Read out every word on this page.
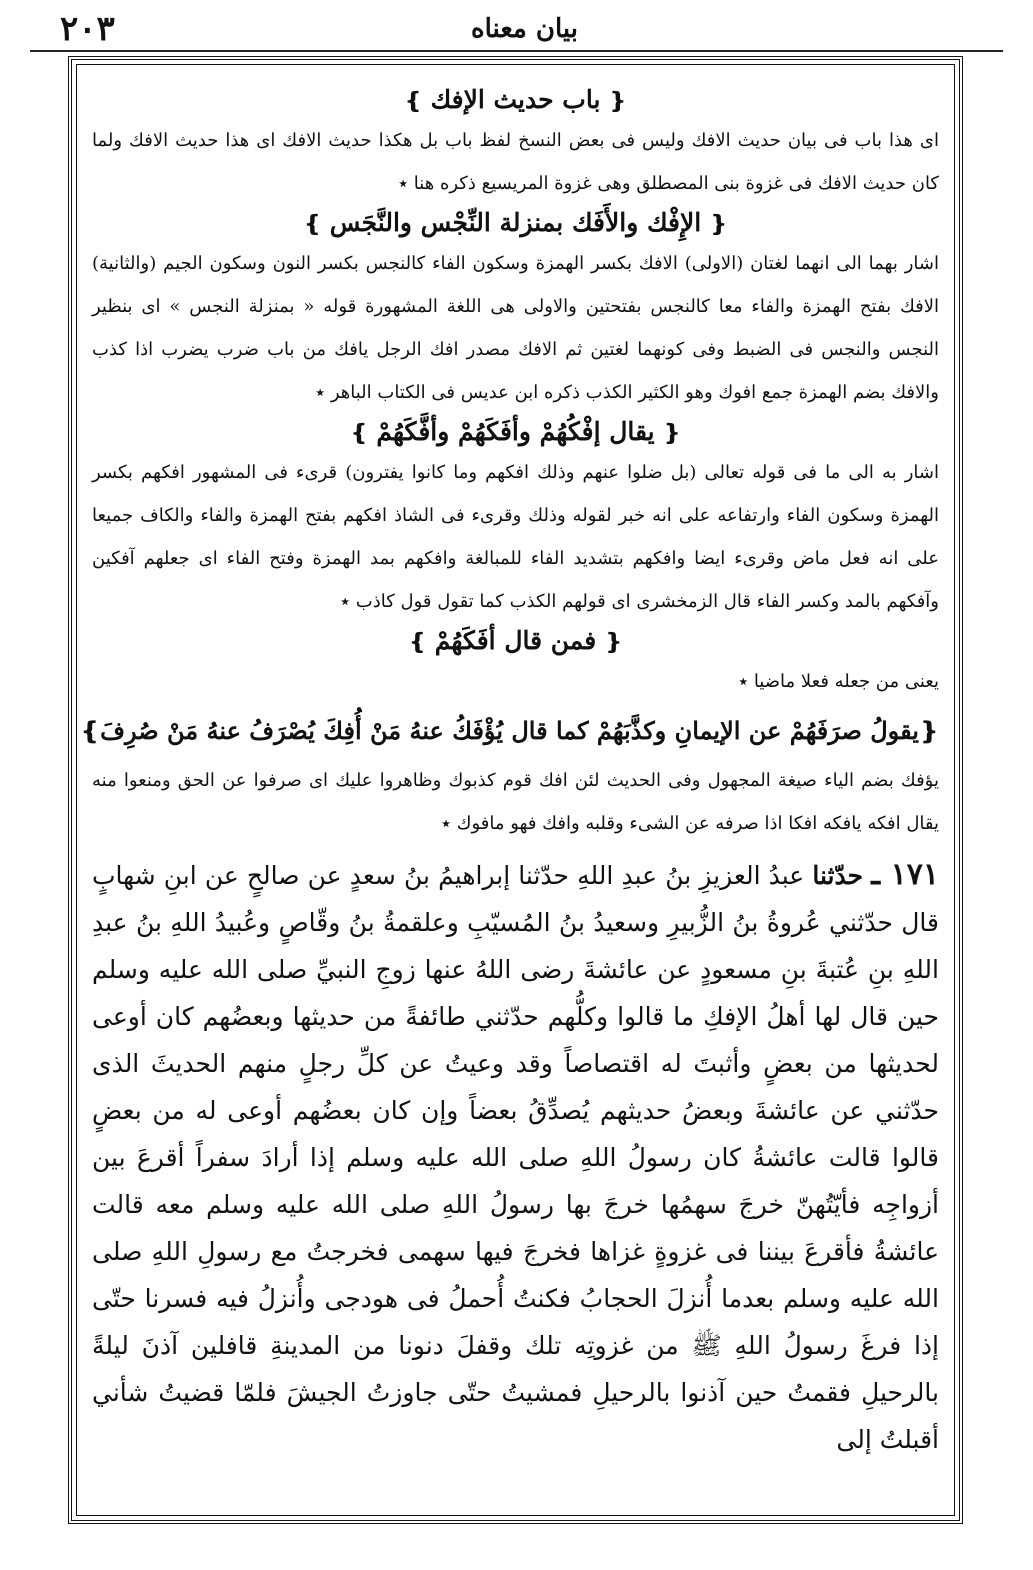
بيان معناه
٢٠٣
❴باب حديث الإفك❵

اى هذا باب فى بيان حديث الافك وليس فى بعض النسخ لفظ باب بل هكذا حديث الافك اى هذا حديث الافك ولما كان حديث الافك فى غزوة بنى المصطلق وهى غزوة المريسيع ذكره هنا ٭

❴الإِفْك والأَفَك بمنزلة النِّجْس والنَّجَس❵

اشار بهما الى انهما لغتان (الاولى) الافك بكسر الهمزة وسكون الفاء كالنجس بكسر النون وسكون الجيم (والثانية) الافك بفتح الهمزة والفاء معا كالنجس بفتحتين والاولى هى اللغة المشهورة قوله « بمنزلة النجس » اى بنظير النجس والنجس فى الضبط وفى كونهما لغتين ثم الافك مصدر افك الرجل يافك من باب ضرب يضرب اذا كذب والافك بضم الهمزة جمع افوك وهو الكثير الكذب ذكره ابن عديس فى الكتاب الباهر ٭

❴يقال إفْكُهُمْ وأفَكَهُمْ وأفَّكَهُمْ❵

اشار به الى ما فى قوله تعالى (بل ضلوا عنهم وذلك افكهم وما كانوا يفترون) قرىء فى المشهور افكهم بكسر الهمزة وسكون الفاء وارتفاعه على انه خبر لقوله وذلك وقرىء فى الشاذ افكهم بفتح الهمزة والفاء والكاف جميعا على انه فعل ماض وقرىء ايضا وافكهم بتشديد الفاء للمبالغة وافكهم بمد الهمزة وفتح الفاء اى جعلهم آفكين وآفكهم بالمد وكسر الفاء قال الزمخشرى اى قولهم الكذب كما تقول قول كاذب ٭

❴فمن قال أفَكَهُمْ❵

يعنى من جعله فعلا ماضيا ٭

❴يقولُ صرَفَهُمْ عن الإيمانِ وكذَّبَهُمْ كما قال يُؤْفَكُ عنهُ مَنْ أُفِكَ يُصْرَفُ عنهُ مَنْ صُرِفَ❵

يؤفك بضم الياء صيغة المجهول وفى الحديث لئن افك قوم كذبوك وظاهروا عليك اى صرفوا عن الحق ومنعوا منه يقال افكه يافكه افكا اذا صرفه عن الشىء وقلبه وافك فهو مافوك ٭

١٧١ ـ حدّثنا عبدُ العزيزِ بنُ عبدِ اللهِ حدّثنا إبراهيمُ بنُ سعدٍ عن صالحٍ عن ابنِ شهابٍ قال حدّثني عُروةُ بنُ الزُّبيرِ وسعيدُ بنُ المُسيّبِ وعلقمةُ بنُ وقّاصٍ وعُبيدُ اللهِ بنُ عبدِ اللهِ بنِ عُتبةَ بنِ مسعودٍ عن عائشةَ رضى اللهُ عنها زوجِ النبيِّ صلى الله عليه وسلم حين قال لها أهلُ الإفكِ ما قالوا وكلُّهم حدّثني طائفةً من حديثها وبعضُهم كان أوعى لحديثها من بعضٍ وأثبتَ له اقتصاصاً وقد وعيتُ عن كلِّ رجلٍ منهم الحديثَ الذى حدّثني عن عائشةَ وبعضُ حديثهم يُصدِّقُ بعضاً وإن كان بعضُهم أوعى له من بعضٍ قالوا قالت عائشةُ كان رسولُ اللهِ صلى الله عليه وسلم إذا أرادَ سفراً أقرعَ بين أزواجِه فأيّتُهنّ خرجَ سهمُها خرجَ بها رسولُ اللهِ صلى الله عليه وسلم معه قالت عائشةُ فأقرعَ بيننا فى غزوةٍ غزاها فخرجَ فيها سهمى فخرجتُ مع رسولِ اللهِ صلى الله عليه وسلم بعدما أُنزلَ الحجابُ فكنتُ أُحملُ فى هودجى وأُنزلُ فيه فسرنا حتّى إذا فرغَ رسولُ اللهِ ﷺ من غزوتِه تلك وقفلَ دنونا من المدينةِ قافلين آذنَ ليلةً بالرحيلِ فقمتُ حين آذنوا بالرحيلِ فمشيتُ حتّى جاوزتُ الجيشَ فلمّا قضيتُ شأني أقبلتُ إلى
